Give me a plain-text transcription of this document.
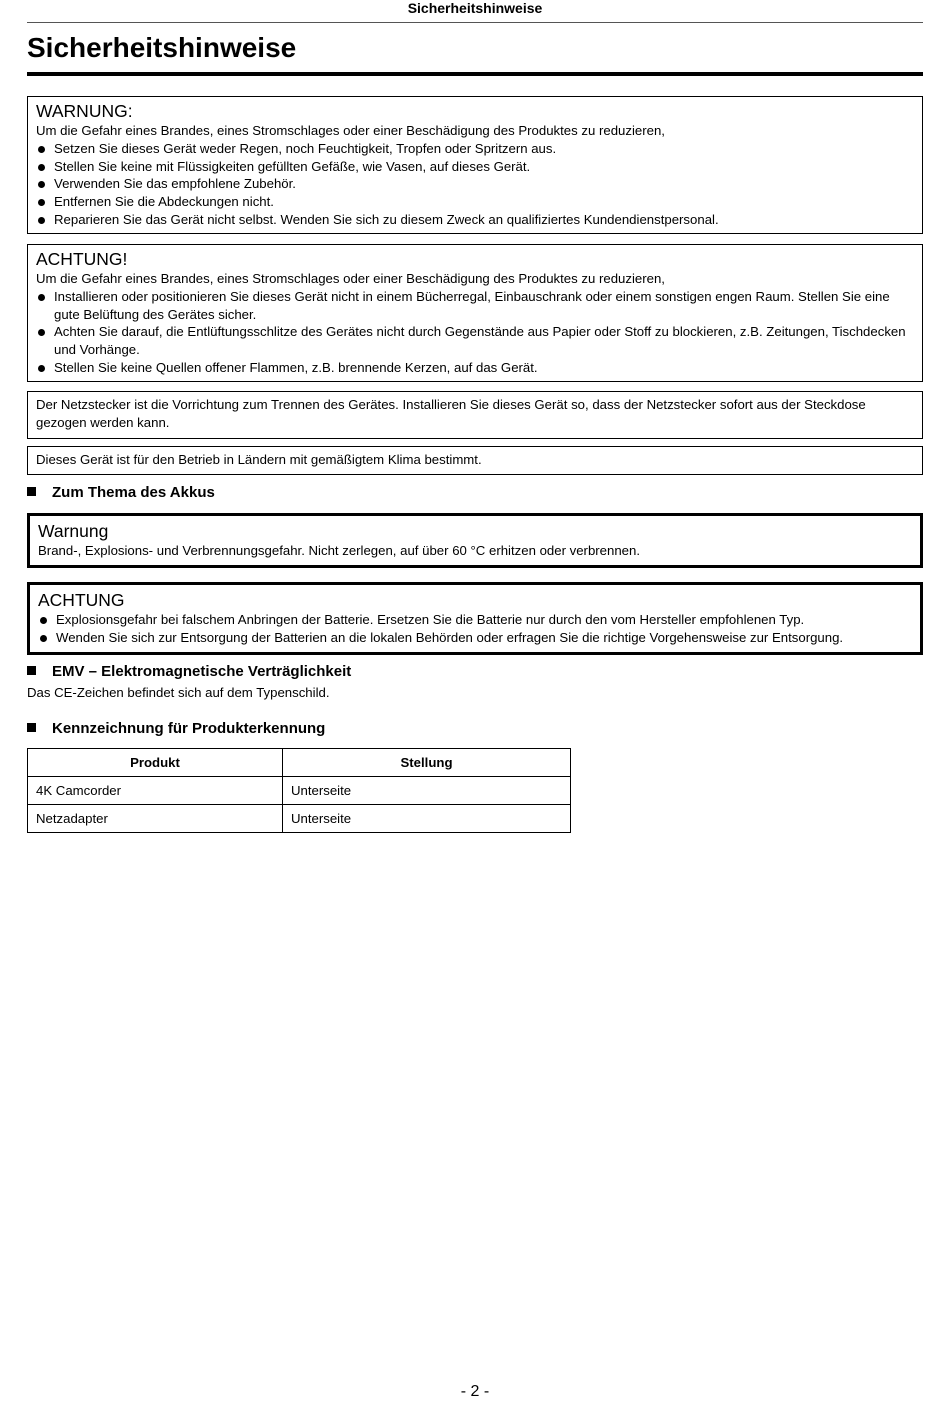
Sicherheitshinweise
Sicherheitshinweise
WARNUNG:
Um die Gefahr eines Brandes, eines Stromschlages oder einer Beschädigung des Produktes zu reduzieren,
Setzen Sie dieses Gerät weder Regen, noch Feuchtigkeit, Tropfen oder Spritzern aus.
Stellen Sie keine mit Flüssigkeiten gefüllten Gefäße, wie Vasen, auf dieses Gerät.
Verwenden Sie das empfohlene Zubehör.
Entfernen Sie die Abdeckungen nicht.
Reparieren Sie das Gerät nicht selbst. Wenden Sie sich zu diesem Zweck an qualifiziertes Kundendienstpersonal.
ACHTUNG!
Um die Gefahr eines Brandes, eines Stromschlages oder einer Beschädigung des Produktes zu reduzieren,
Installieren oder positionieren Sie dieses Gerät nicht in einem Bücherregal, Einbauschrank oder einem sonstigen engen Raum. Stellen Sie eine gute Belüftung des Gerätes sicher.
Achten Sie darauf, die Entlüftungsschlitze des Gerätes nicht durch Gegenstände aus Papier oder Stoff zu blockieren, z.B. Zeitungen, Tischdecken und Vorhänge.
Stellen Sie keine Quellen offener Flammen, z.B. brennende Kerzen, auf das Gerät.
Der Netzstecker ist die Vorrichtung zum Trennen des Gerätes. Installieren Sie dieses Gerät so, dass der Netzstecker sofort aus der Steckdose gezogen werden kann.
Dieses Gerät ist für den Betrieb in Ländern mit gemäßigtem Klima bestimmt.
Zum Thema des Akkus
Warnung
Brand-, Explosions- und Verbrennungsgefahr. Nicht zerlegen, auf über 60 °C erhitzen oder verbrennen.
ACHTUNG
Explosionsgefahr bei falschem Anbringen der Batterie. Ersetzen Sie die Batterie nur durch den vom Hersteller empfohlenen Typ.
Wenden Sie sich zur Entsorgung der Batterien an die lokalen Behörden oder erfragen Sie die richtige Vorgehensweise zur Entsorgung.
EMV – Elektromagnetische Verträglichkeit

Das CE-Zeichen befindet sich auf dem Typenschild.

Kennzeichnung für Produkterkennung
Produkt	Stellung
4K Camcorder	Unterseite
Netzadapter	Unterseite
- 2 -
